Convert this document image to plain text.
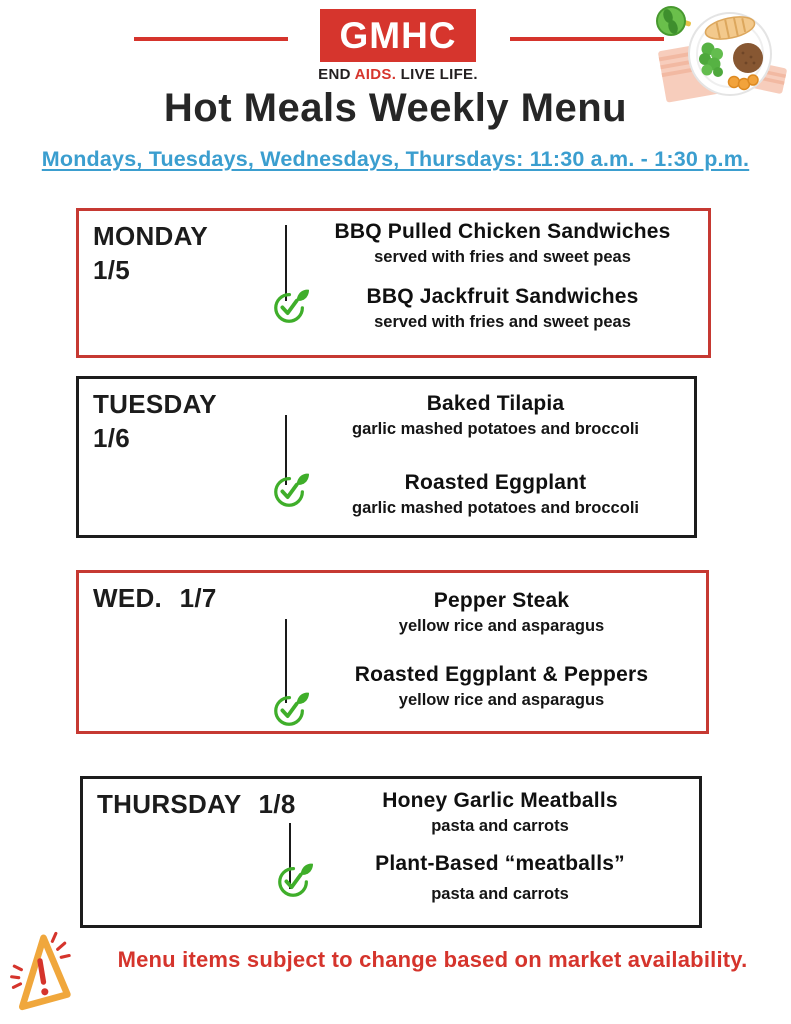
GMHC
END AIDS. LIVE LIFE.
Hot Meals Weekly Menu
Mondays, Tuesdays, Wednesdays, Thursdays: 11:30 a.m. - 1:30 p.m.
MONDAY
1/5
BBQ Pulled Chicken Sandwiches
served with fries and sweet peas
BBQ Jackfruit Sandwiches
served with fries and sweet peas
TUESDAY
1/6
Baked Tilapia
garlic mashed potatoes and broccoli
Roasted Eggplant
garlic mashed potatoes and broccoli
WED. 1/7	Pepper Steak
yellow rice and asparagus
Roasted Eggplant & Peppers
yellow rice and asparagus
THURSDAY 1/8	Honey Garlic Meatballs
pasta and carrots
Plant-Based “meatballs”
pasta and carrots
Menu items subject to change based on market availability.
